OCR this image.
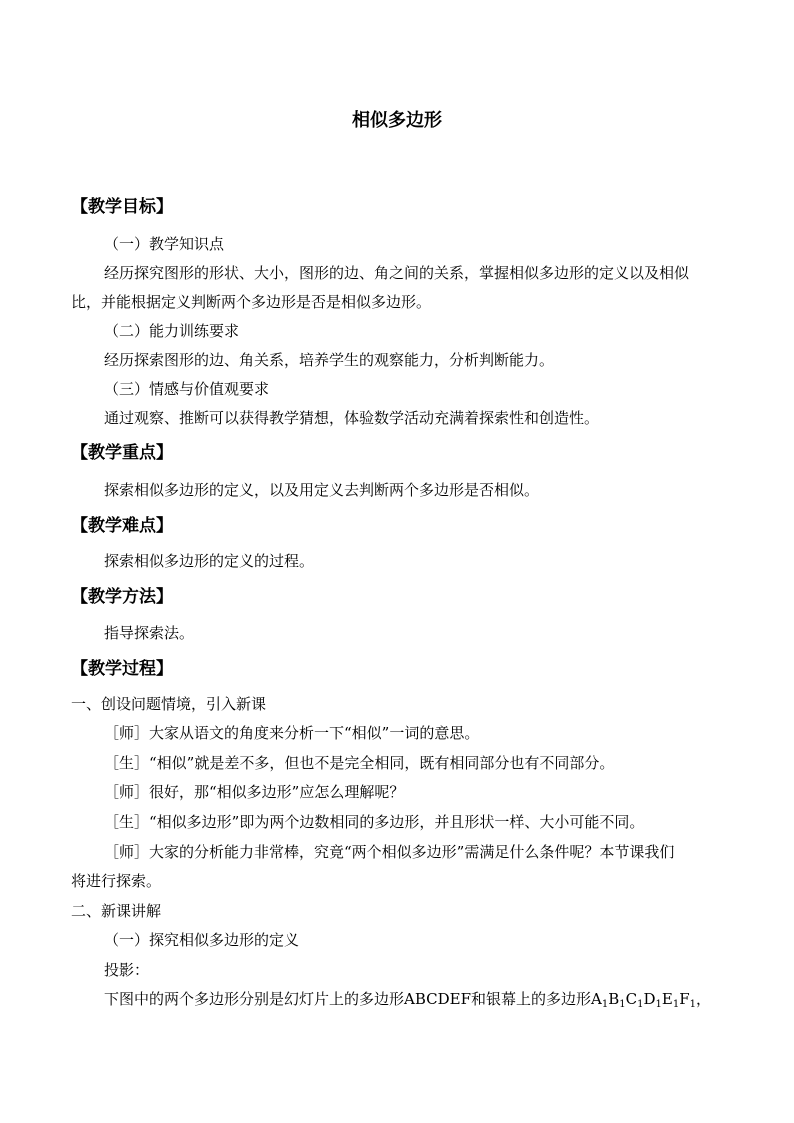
相似多边形
【教学目标】
（一）教学知识点
经历探究图形的形状、大小，图形的边、角之间的关系，掌握相似多边形的定义以及相似
比，并能根据定义判断两个多边形是否是相似多边形。
（二）能力训练要求
经历探索图形的边、角关系，培养学生的观察能力，分析判断能力。
（三）情感与价值观要求
通过观察、推断可以获得教学猜想，体验数学活动充满着探索性和创造性。
【教学重点】
探索相似多边形的定义，以及用定义去判断两个多边形是否相似。
【教学难点】
探索相似多边形的定义的过程。
【教学方法】
指导探索法。
【教学过程】
一、创设问题情境，引入新课
［师］大家从语文的角度来分析一下“相似”一词的意思。
［生］“相似”就是差不多，但也不是完全相同，既有相同部分也有不同部分。
［师］很好，那“相似多边形”应怎么理解呢？
［生］“相似多边形”即为两个边数相同的多边形，并且形状一样、大小可能不同。
［师］大家的分析能力非常棒，究竟“两个相似多边形”需满足什么条件呢？本节课我们
将进行探索。
二、新课讲解
（一）探究相似多边形的定义
投影：
下图中的两个多边形分别是幻灯片上的多边形ABCDEF和银幕上的多边形$A_1B_1C_1D_1E_1F_1$，
